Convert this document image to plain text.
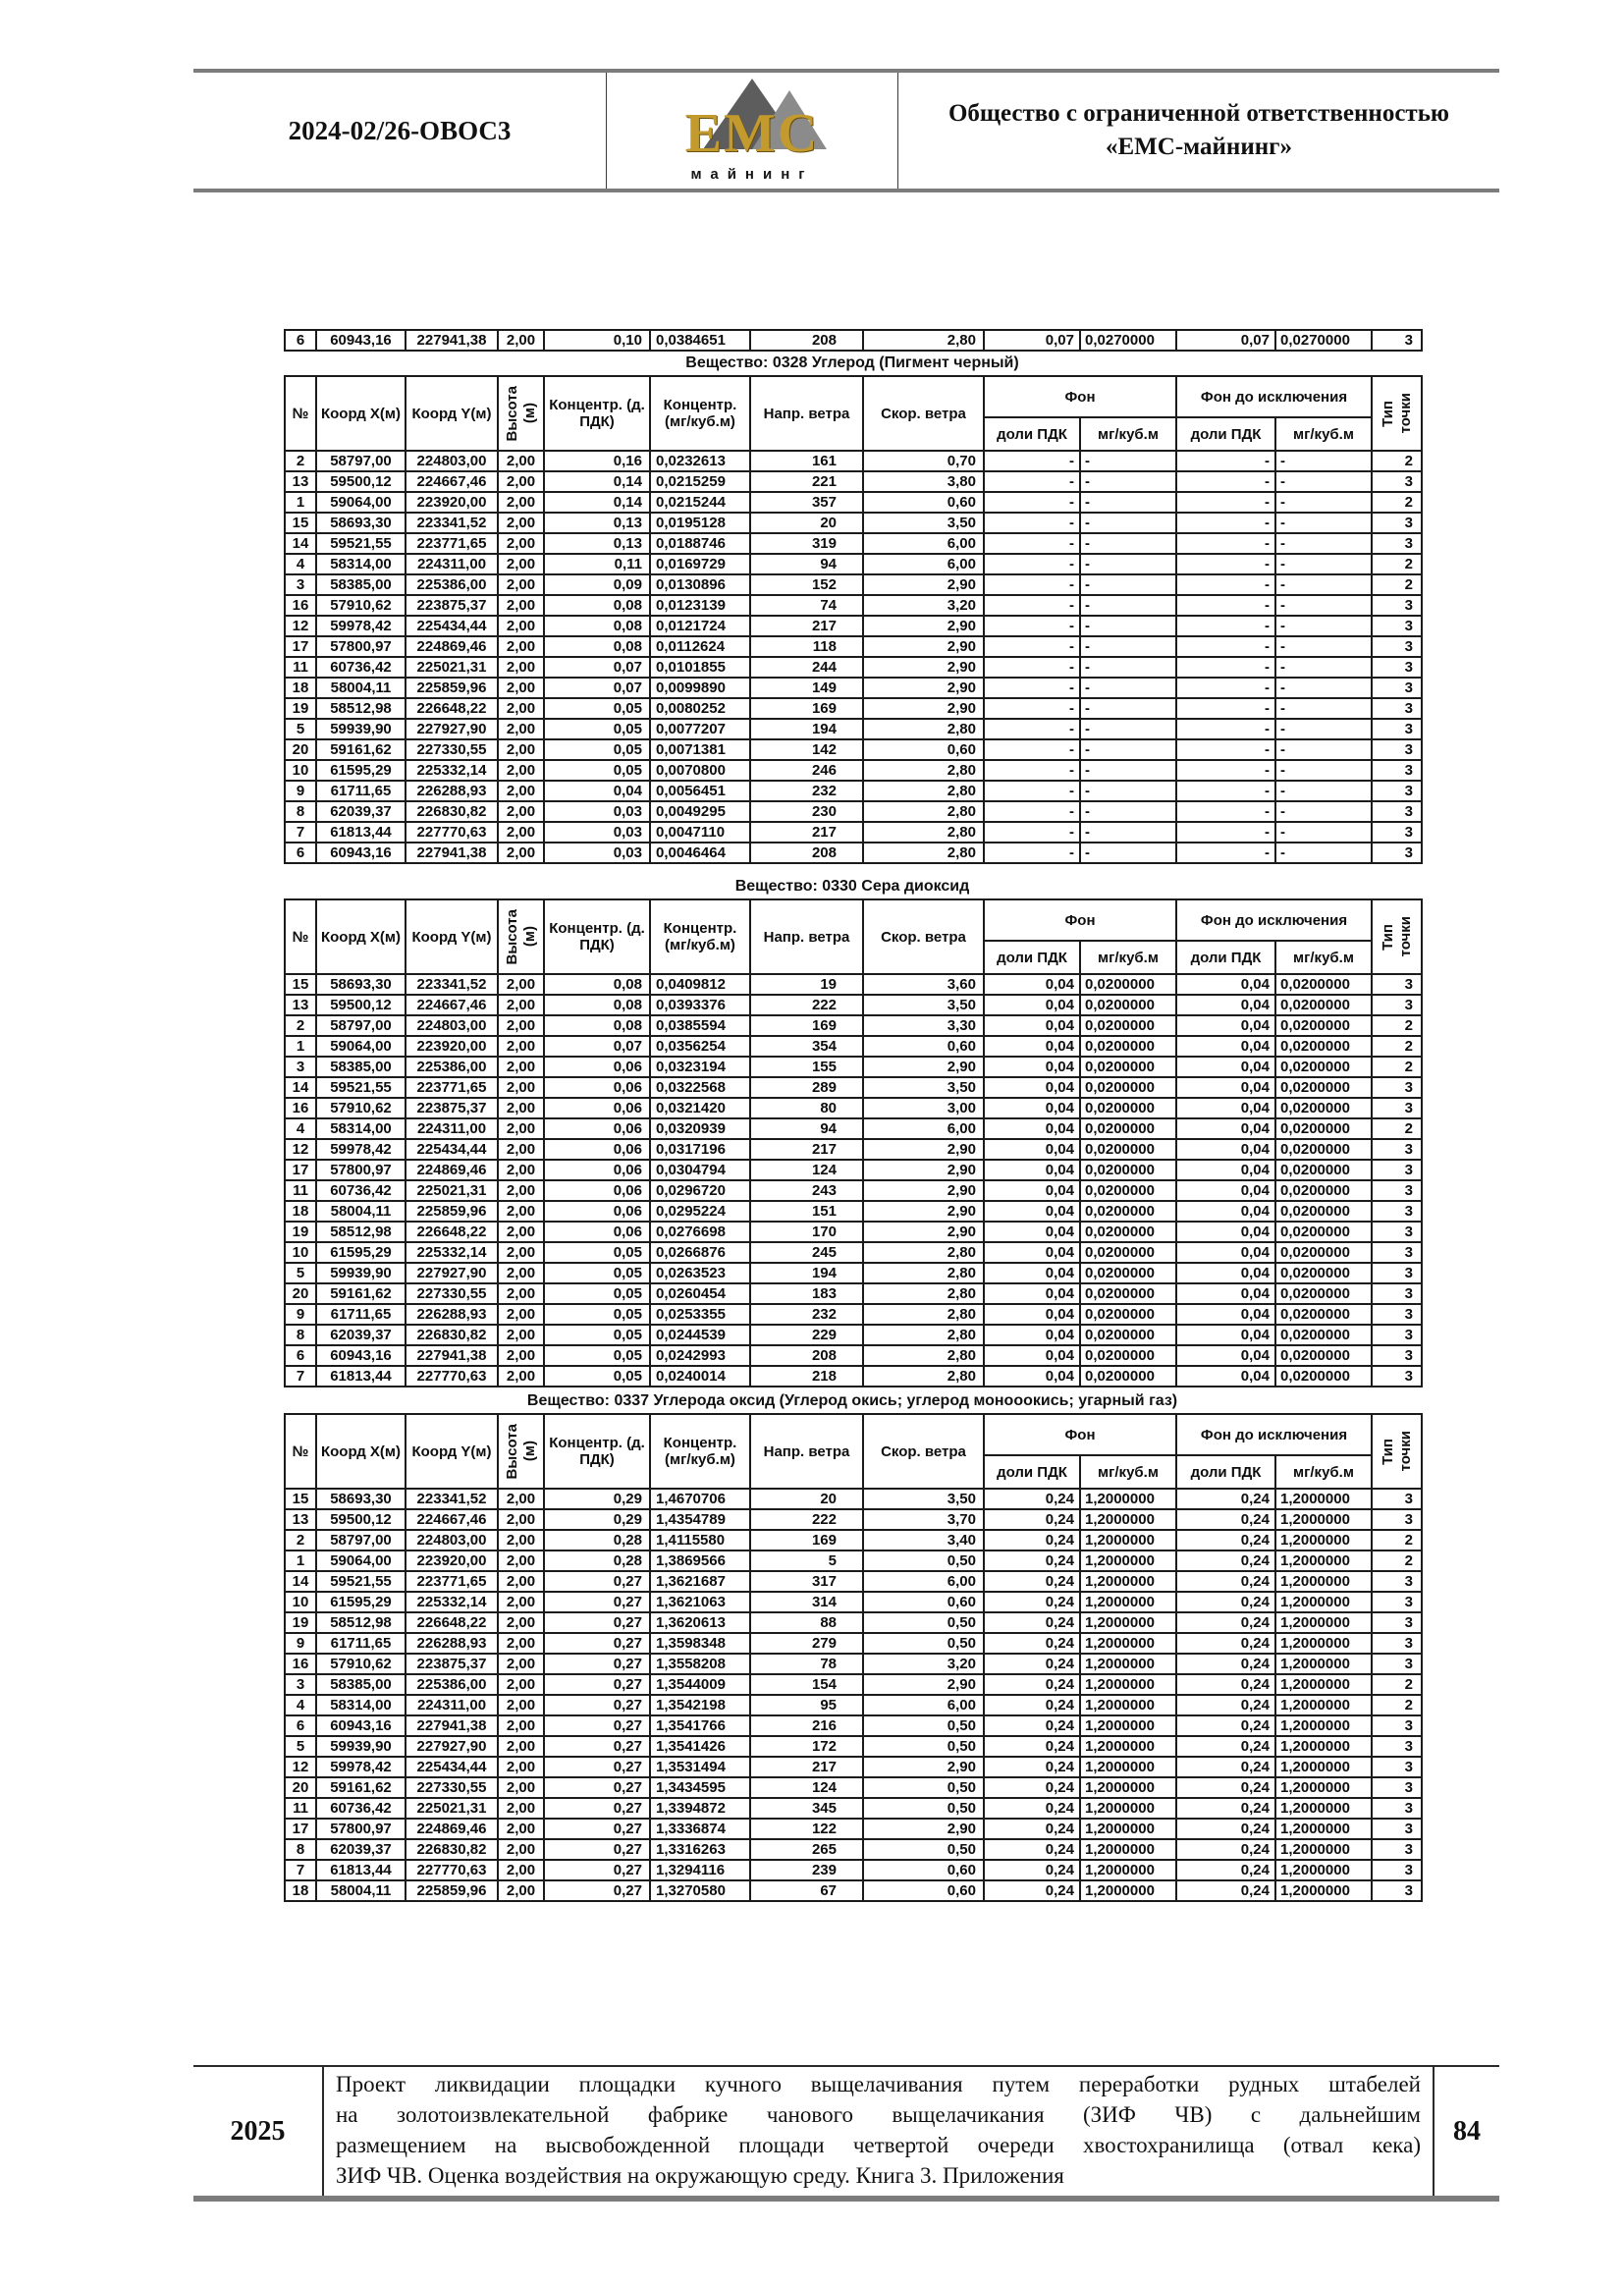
2024-02/26-ОВОС3	ЕМС
майнинг
Общество с ограниченной ответственностью
«ЕМС-майнинг»
6	60943,16	227941,38	2,00	0,10	0,0384651	208	2,80	0,07	0,0270000	0,07	0,0270000	3
Вещество: 0328 Углерод (Пигмент черный)
№	Коорд X(м)	Коорд Y(м)	Высота (м)	Концентр. (д. ПДК)	Концентр. (мг/куб.м)	Напр. ветра	Скор. ветра	Фон		Фон до исключения		Тип точки

								доли ПДК	мг/куб.м	доли ПДК	мг/куб.м	
2	58797,00	224803,00	2,00	0,16	0,0232613	161	0,70	-	-	-	-	2
13	59500,12	224667,46	2,00	0,14	0,0215259	221	3,80	-	-	-	-	3
1	59064,00	223920,00	2,00	0,14	0,0215244	357	0,60	-	-	-	-	2
15	58693,30	223341,52	2,00	0,13	0,0195128	20	3,50	-	-	-	-	3
14	59521,55	223771,65	2,00	0,13	0,0188746	319	6,00	-	-	-	-	3
4	58314,00	224311,00	2,00	0,11	0,0169729	94	6,00	-	-	-	-	2
3	58385,00	225386,00	2,00	0,09	0,0130896	152	2,90	-	-	-	-	2
16	57910,62	223875,37	2,00	0,08	0,0123139	74	3,20	-	-	-	-	3
12	59978,42	225434,44	2,00	0,08	0,0121724	217	2,90	-	-	-	-	3
17	57800,97	224869,46	2,00	0,08	0,0112624	118	2,90	-	-	-	-	3
11	60736,42	225021,31	2,00	0,07	0,0101855	244	2,90	-	-	-	-	3
18	58004,11	225859,96	2,00	0,07	0,0099890	149	2,90	-	-	-	-	3
19	58512,98	226648,22	2,00	0,05	0,0080252	169	2,90	-	-	-	-	3
5	59939,90	227927,90	2,00	0,05	0,0077207	194	2,80	-	-	-	-	3
20	59161,62	227330,55	2,00	0,05	0,0071381	142	0,60	-	-	-	-	3
10	61595,29	225332,14	2,00	0,05	0,0070800	246	2,80	-	-	-	-	3
9	61711,65	226288,93	2,00	0,04	0,0056451	232	2,80	-	-	-	-	3
8	62039,37	226830,82	2,00	0,03	0,0049295	230	2,80	-	-	-	-	3
7	61813,44	227770,63	2,00	0,03	0,0047110	217	2,80	-	-	-	-	3
6	60943,16	227941,38	2,00	0,03	0,0046464	208	2,80	-	-	-	-	3
Вещество: 0330 Сера диоксид
№	Коорд X(м)	Коорд Y(м)	Высота (м)	Концентр. (д. ПДК)	Концентр. (мг/куб.м)	Напр. ветра	Скор. ветра	Фон		Фон до исключения		Тип точки

								доли ПДК	мг/куб.м	доли ПДК	мг/куб.м	
15	58693,30	223341,52	2,00	0,08	0,0409812	19	3,60	0,04	0,0200000	0,04	0,0200000	3
13	59500,12	224667,46	2,00	0,08	0,0393376	222	3,50	0,04	0,0200000	0,04	0,0200000	3
2	58797,00	224803,00	2,00	0,08	0,0385594	169	3,30	0,04	0,0200000	0,04	0,0200000	2
1	59064,00	223920,00	2,00	0,07	0,0356254	354	0,60	0,04	0,0200000	0,04	0,0200000	2
3	58385,00	225386,00	2,00	0,06	0,0323194	155	2,90	0,04	0,0200000	0,04	0,0200000	2
14	59521,55	223771,65	2,00	0,06	0,0322568	289	3,50	0,04	0,0200000	0,04	0,0200000	3
16	57910,62	223875,37	2,00	0,06	0,0321420	80	3,00	0,04	0,0200000	0,04	0,0200000	3
4	58314,00	224311,00	2,00	0,06	0,0320939	94	6,00	0,04	0,0200000	0,04	0,0200000	2
12	59978,42	225434,44	2,00	0,06	0,0317196	217	2,90	0,04	0,0200000	0,04	0,0200000	3
17	57800,97	224869,46	2,00	0,06	0,0304794	124	2,90	0,04	0,0200000	0,04	0,0200000	3
11	60736,42	225021,31	2,00	0,06	0,0296720	243	2,90	0,04	0,0200000	0,04	0,0200000	3
18	58004,11	225859,96	2,00	0,06	0,0295224	151	2,90	0,04	0,0200000	0,04	0,0200000	3
19	58512,98	226648,22	2,00	0,06	0,0276698	170	2,90	0,04	0,0200000	0,04	0,0200000	3
10	61595,29	225332,14	2,00	0,05	0,0266876	245	2,80	0,04	0,0200000	0,04	0,0200000	3
5	59939,90	227927,90	2,00	0,05	0,0263523	194	2,80	0,04	0,0200000	0,04	0,0200000	3
20	59161,62	227330,55	2,00	0,05	0,0260454	183	2,80	0,04	0,0200000	0,04	0,0200000	3
9	61711,65	226288,93	2,00	0,05	0,0253355	232	2,80	0,04	0,0200000	0,04	0,0200000	3
8	62039,37	226830,82	2,00	0,05	0,0244539	229	2,80	0,04	0,0200000	0,04	0,0200000	3
6	60943,16	227941,38	2,00	0,05	0,0242993	208	2,80	0,04	0,0200000	0,04	0,0200000	3
7	61813,44	227770,63	2,00	0,05	0,0240014	218	2,80	0,04	0,0200000	0,04	0,0200000	3
Вещество: 0337 Углерода оксид (Углерод окись; углерод монооокись; угарный газ)
№	Коорд X(м)	Коорд Y(м)	Высота (м)	Концентр. (д. ПДК)	Концентр. (мг/куб.м)	Напр. ветра	Скор. ветра	Фон		Фон до исключения		Тип точки

								доли ПДК	мг/куб.м	доли ПДК	мг/куб.м	
15	58693,30	223341,52	2,00	0,29	1,4670706	20	3,50	0,24	1,2000000	0,24	1,2000000	3
13	59500,12	224667,46	2,00	0,29	1,4354789	222	3,70	0,24	1,2000000	0,24	1,2000000	3
2	58797,00	224803,00	2,00	0,28	1,4115580	169	3,40	0,24	1,2000000	0,24	1,2000000	2
1	59064,00	223920,00	2,00	0,28	1,3869566	5	0,50	0,24	1,2000000	0,24	1,2000000	2
14	59521,55	223771,65	2,00	0,27	1,3621687	317	6,00	0,24	1,2000000	0,24	1,2000000	3
10	61595,29	225332,14	2,00	0,27	1,3621063	314	0,60	0,24	1,2000000	0,24	1,2000000	3
19	58512,98	226648,22	2,00	0,27	1,3620613	88	0,50	0,24	1,2000000	0,24	1,2000000	3
9	61711,65	226288,93	2,00	0,27	1,3598348	279	0,50	0,24	1,2000000	0,24	1,2000000	3
16	57910,62	223875,37	2,00	0,27	1,3558208	78	3,20	0,24	1,2000000	0,24	1,2000000	3
3	58385,00	225386,00	2,00	0,27	1,3544009	154	2,90	0,24	1,2000000	0,24	1,2000000	2
4	58314,00	224311,00	2,00	0,27	1,3542198	95	6,00	0,24	1,2000000	0,24	1,2000000	2
6	60943,16	227941,38	2,00	0,27	1,3541766	216	0,50	0,24	1,2000000	0,24	1,2000000	3
5	59939,90	227927,90	2,00	0,27	1,3541426	172	0,50	0,24	1,2000000	0,24	1,2000000	3
12	59978,42	225434,44	2,00	0,27	1,3531494	217	2,90	0,24	1,2000000	0,24	1,2000000	3
20	59161,62	227330,55	2,00	0,27	1,3434595	124	0,50	0,24	1,2000000	0,24	1,2000000	3
11	60736,42	225021,31	2,00	0,27	1,3394872	345	0,50	0,24	1,2000000	0,24	1,2000000	3
17	57800,97	224869,46	2,00	0,27	1,3336874	122	2,90	0,24	1,2000000	0,24	1,2000000	3
8	62039,37	226830,82	2,00	0,27	1,3316263	265	0,50	0,24	1,2000000	0,24	1,2000000	3
7	61813,44	227770,63	2,00	0,27	1,3294116	239	0,60	0,24	1,2000000	0,24	1,2000000	3
18	58004,11	225859,96	2,00	0,27	1,3270580	67	0,60	0,24	1,2000000	0,24	1,2000000	3
2025
Проект ликвидации площадки кучного выщелачивания путем переработки рудных штабелей
на золотоизвлекательной фабрике чанового выщелачикания (ЗИФ ЧВ) с дальнейшим
размещением на высвобожденной площади четвертой очереди хвостохранилища (отвал кека)
ЗИФ ЧВ. Оценка воздействия на окружающую среду. Книга 3. Приложения
84
